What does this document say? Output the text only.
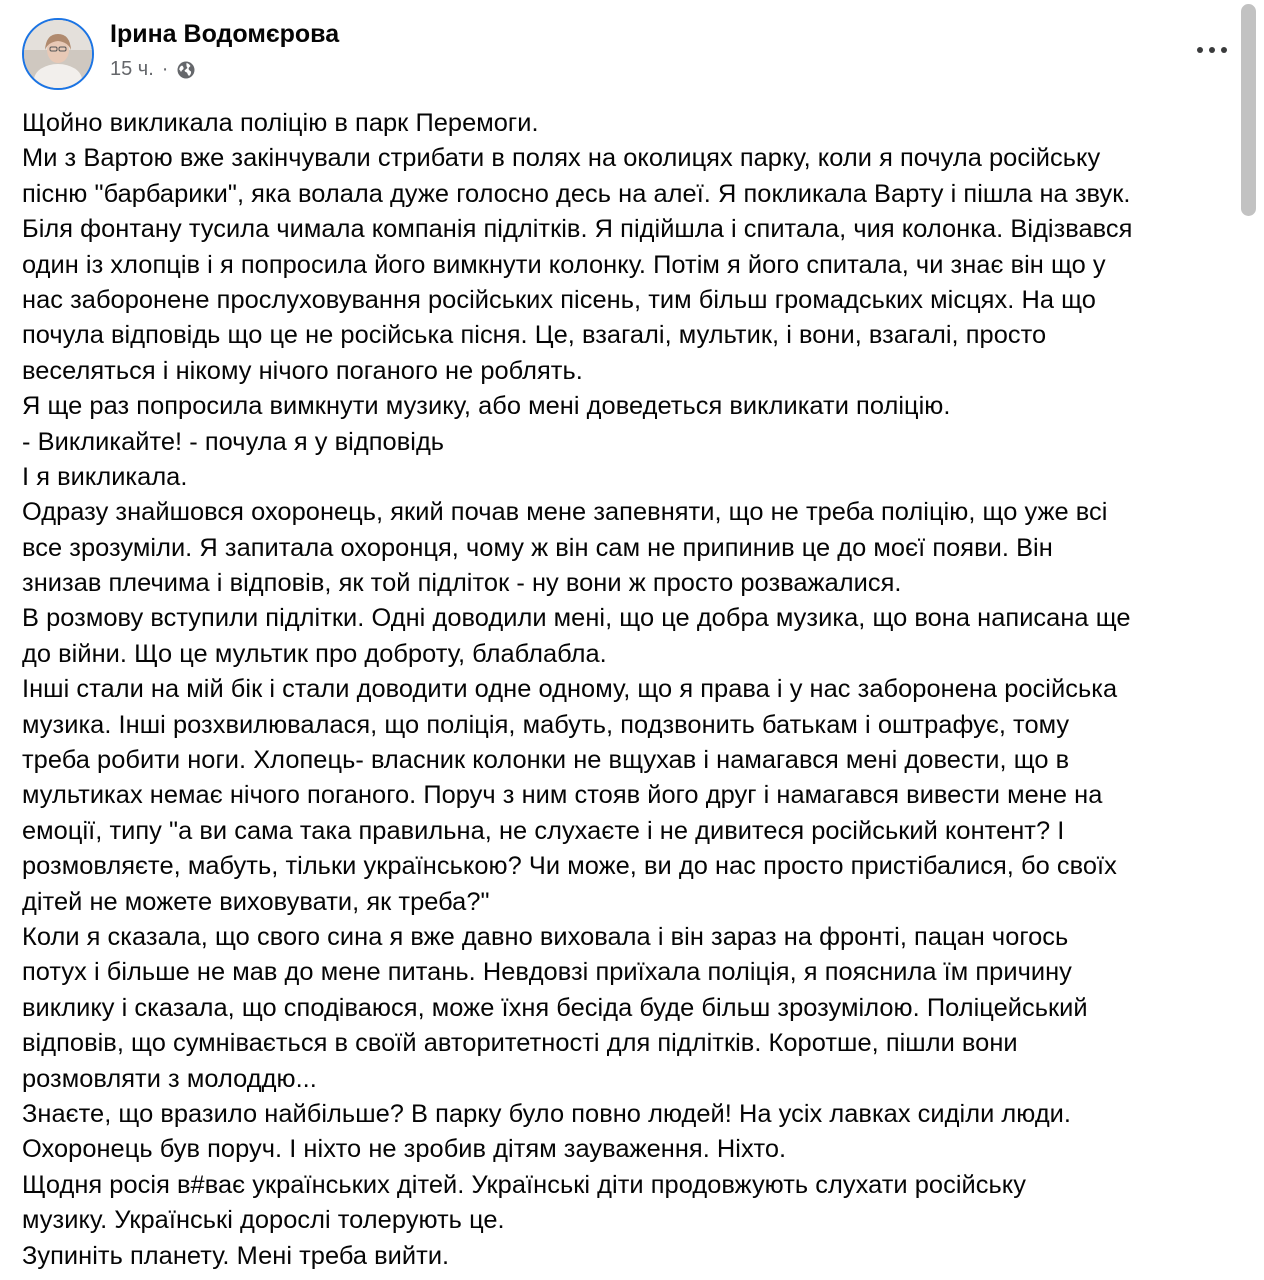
Ірина Водомєрова
15 ч. ·
Щойно викликала поліцію в парк Перемоги.
Ми з Вартою вже закінчували стрибати в полях на околицях парку, коли я почула російську
пісню "барбарики", яка волала дуже голосно десь на алеї. Я покликала Варту і пішла на звук.
Біля фонтану тусила чимала компанія підлітків. Я підійшла і спитала, чия колонка. Відізвався
один із хлопців і я попросила його вимкнути колонку. Потім я його спитала, чи знає він що у
нас заборонене прослуховування російських пісень, тим більш громадських місцях. На що
почула відповідь що це не російська пісня. Це, взагалі, мультик, і вони, взагалі, просто
веселяться і нікому нічого поганого не роблять.
Я ще раз попросила вимкнути музику, або мені доведеться викликати поліцію.
- Викликайте! - почула я у відповідь
І я викликала.
Одразу знайшовся охоронець, який почав мене запевняти, що не треба поліцію, що уже всі
все зрозуміли. Я запитала охоронця, чому ж він сам не припинив це до моєї появи. Він
знизав плечима і відповів, як той підліток - ну вони ж просто розважалися.
В розмову вступили підлітки. Одні доводили мені, що це добра музика, що вона написана ще
до війни. Що це мультик про доброту, блаблабла.
Інші стали на мій бік і стали доводити одне одному, що я права і у нас заборонена російська
музика. Інші розхвилювалася, що поліція, мабуть, подзвонить батькам і оштрафує, тому
треба робити ноги. Хлопець- власник колонки не вщухав і намагався мені довести, що в
мультиках немає нічого поганого. Поруч з ним стояв його друг і намагався вивести мене на
емоції, типу "а ви сама така правильна, не слухаєте і не дивитеся російський контент? І
розмовляєте, мабуть, тільки українською? Чи може, ви до нас просто пристібалися, бо своїх
дітей не можете виховувати, як треба?"
Коли я сказала, що свого сина я вже давно виховала і він зараз на фронті, пацан чогось
потух і більше не мав до мене питань. Невдовзі приїхала поліція, я пояснила їм причину
виклику і сказала, що сподіваюся, може їхня бесіда буде більш зрозумілою. Поліцейський
відповів, що сумнівається в своїй авторитетності для підлітків. Коротше, пішли вони
розмовляти з молоддю...
Знаєте, що вразило найбільше? В парку було повно людей! На усіх лавках сиділи люди.
Охоронець був поруч. І ніхто не зробив дітям зауваження. Ніхто.
Щодня росія в#ває українських дітей. Українські діти продовжують слухати російську
музику. Українські дорослі толерують це.
Зупиніть планету. Мені треба вийти.
